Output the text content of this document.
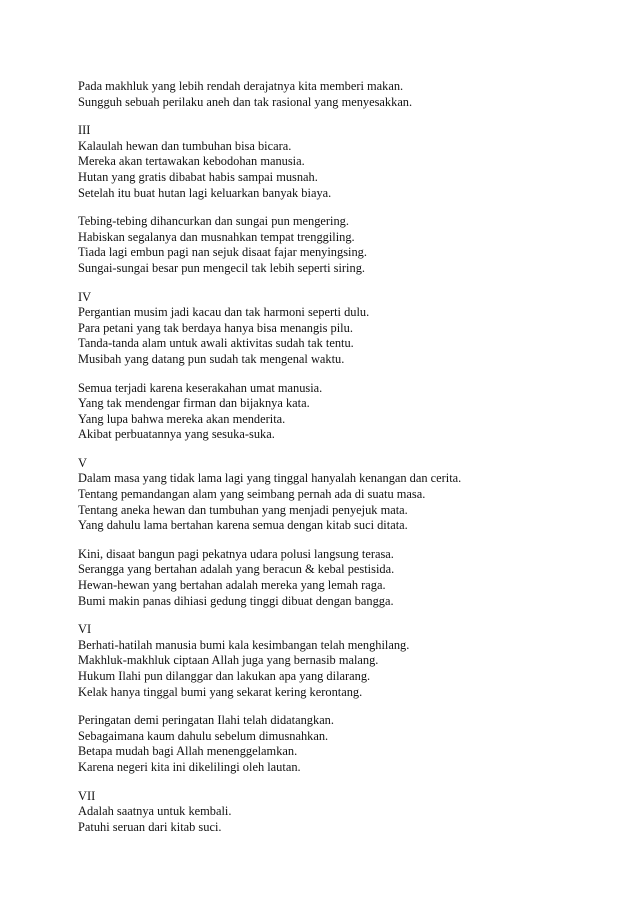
Pada makhluk yang lebih rendah derajatnya kita memberi makan.
Sungguh sebuah perilaku aneh dan tak rasional yang menyesakkan.
III
Kalaulah hewan dan tumbuhan bisa bicara.
Mereka akan tertawakan kebodohan manusia.
Hutan yang gratis dibabat habis sampai musnah.
Setelah itu buat hutan lagi keluarkan banyak biaya.
Tebing-tebing dihancurkan dan sungai pun mengering.
Habiskan segalanya dan musnahkan tempat trenggiling.
Tiada lagi embun pagi nan sejuk disaat fajar menyingsing.
Sungai-sungai besar pun mengecil tak lebih seperti siring.
IV
Pergantian musim jadi kacau dan tak harmoni seperti dulu.
Para petani yang tak berdaya hanya bisa menangis pilu.
Tanda-tanda alam untuk awali aktivitas sudah tak tentu.
Musibah yang datang pun sudah tak mengenal waktu.
Semua terjadi karena keserakahan umat manusia.
Yang tak mendengar firman dan bijaknya kata.
Yang lupa bahwa mereka akan menderita.
Akibat perbuatannya yang sesuka-suka.
V
Dalam masa yang tidak lama lagi yang tinggal hanyalah kenangan dan cerita.
Tentang pemandangan alam yang seimbang pernah ada di suatu masa.
Tentang aneka hewan dan tumbuhan yang menjadi penyejuk mata.
Yang dahulu lama bertahan karena semua dengan kitab suci ditata.
Kini, disaat bangun pagi pekatnya udara polusi langsung terasa.
Serangga yang bertahan adalah yang beracun & kebal pestisida.
Hewan-hewan yang bertahan adalah mereka yang lemah raga.
Bumi makin panas dihiasi gedung tinggi dibuat dengan bangga.
VI
Berhati-hatilah manusia bumi kala kesimbangan telah menghilang.
Makhluk-makhluk ciptaan Allah juga yang bernasib malang.
Hukum Ilahi pun dilanggar dan lakukan apa yang dilarang.
Kelak hanya tinggal bumi yang sekarat kering kerontang.
Peringatan demi peringatan Ilahi telah didatangkan.
Sebagaimana kaum dahulu sebelum dimusnahkan.
Betapa mudah bagi Allah menenggelamkan.
Karena negeri kita ini dikelilingi oleh lautan.
VII
Adalah saatnya untuk kembali.
Patuhi seruan dari kitab suci.
